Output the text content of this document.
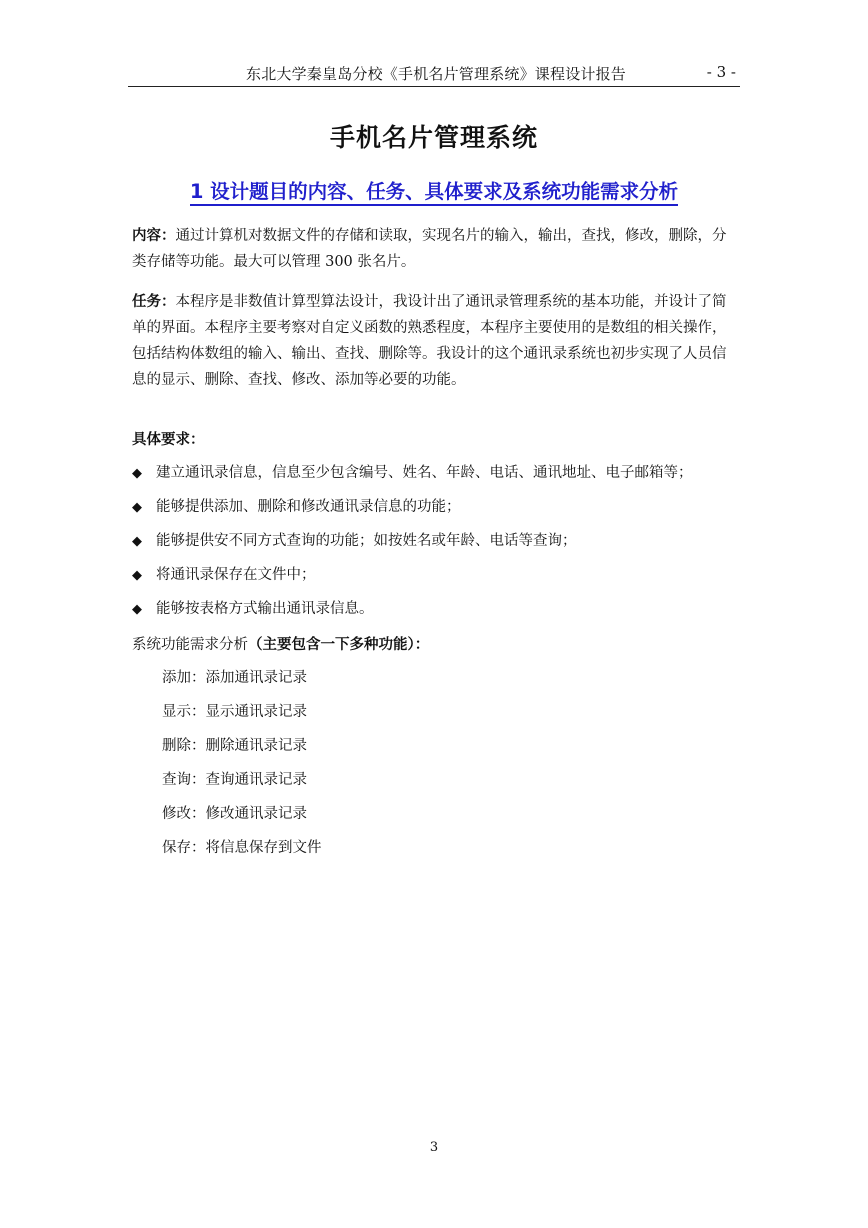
东北大学秦皇岛分校《手机名片管理系统》课程设计报告	- 3 -
手机名片管理系统
1 设计题目的内容、任务、具体要求及系统功能需求分析
内容：通过计算机对数据文件的存储和读取，实现名片的输入，输出，查找，修改，删除，分类存储等功能。最大可以管理 300 张名片。
任务：本程序是非数值计算型算法设计，我设计出了通讯录管理系统的基本功能，并设计了简单的界面。本程序主要考察对自定义函数的熟悉程度，本程序主要使用的是数组的相关操作，包括结构体数组的输入、输出、查找、删除等。我设计的这个通讯录系统也初步实现了人员信息的显示、删除、查找、修改、添加等必要的功能。
具体要求：
◆ 建立通讯录信息，信息至少包含编号、姓名、年龄、电话、通讯地址、电子邮箱等；
◆ 能够提供添加、删除和修改通讯录信息的功能；
◆ 能够提供安不同方式查询的功能；如按姓名或年龄、电话等查询；
◆ 将通讯录保存在文件中；
◆ 能够按表格方式输出通讯录信息。
系统功能需求分析（主要包含一下多种功能）：
添加：添加通讯录记录
显示：显示通讯录记录
删除：删除通讯录记录
查询：查询通讯录记录
修改：修改通讯录记录
保存：将信息保存到文件
3
